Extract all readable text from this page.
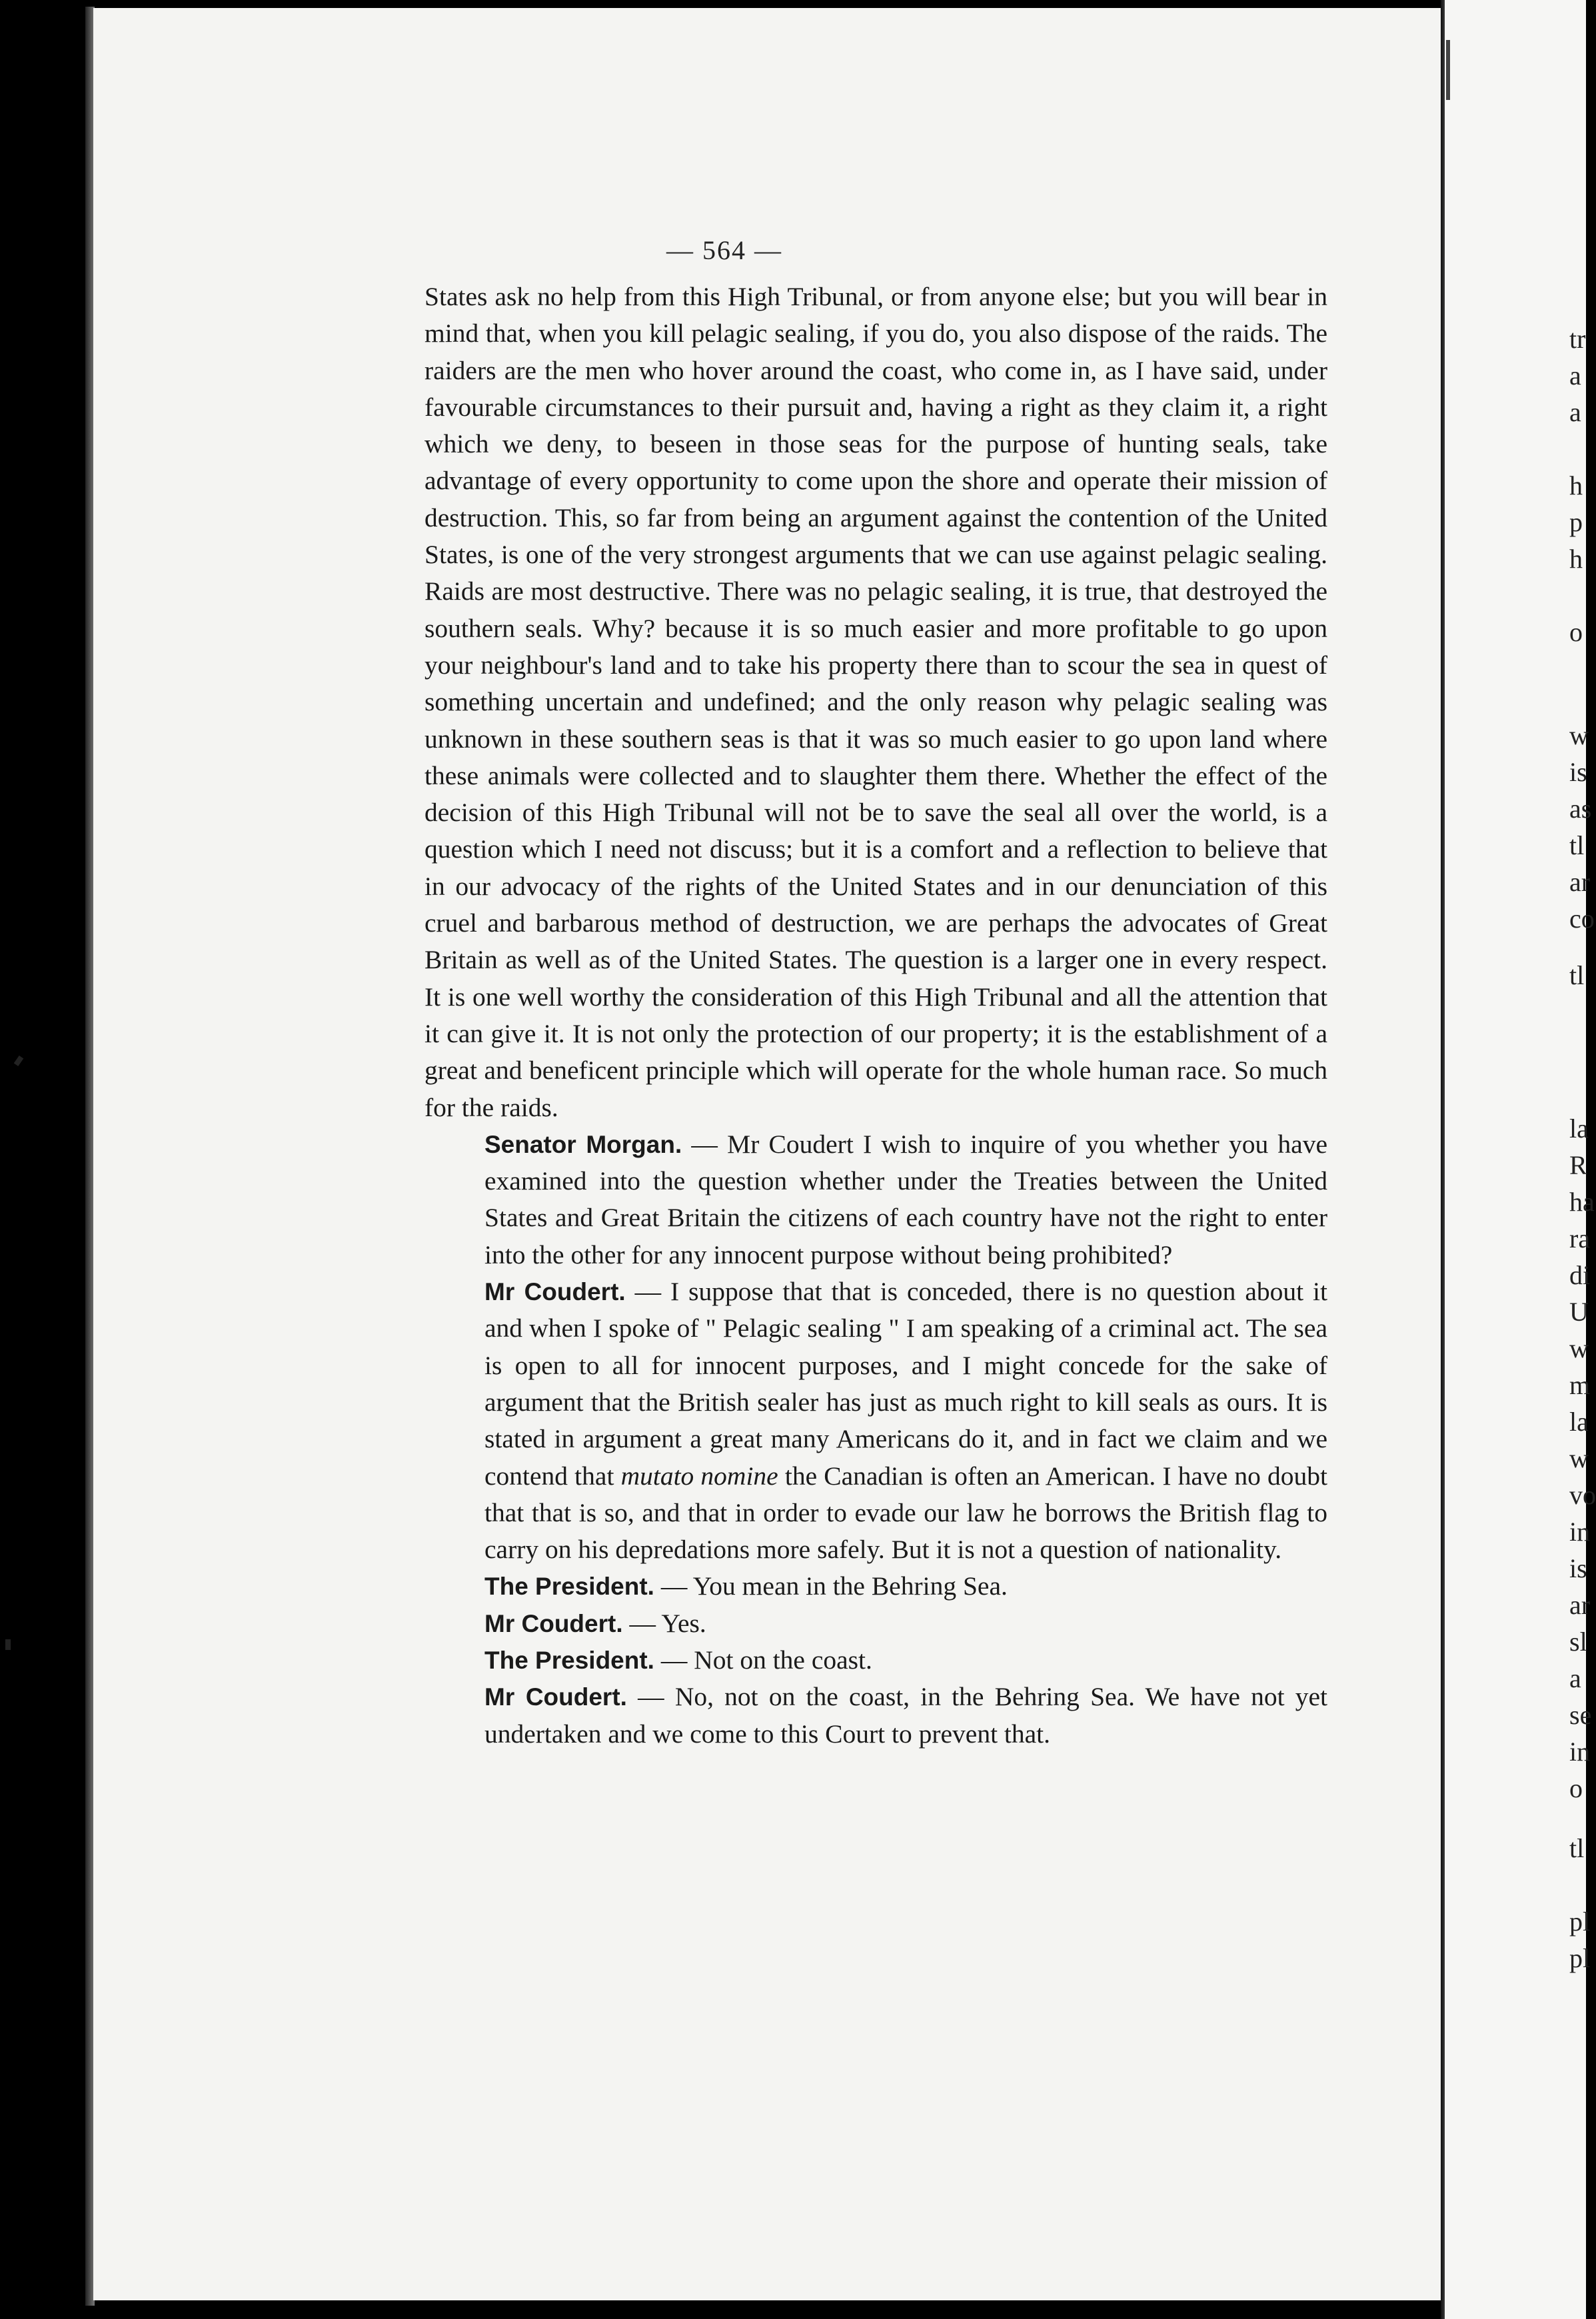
— 564 —

States ask no help from this High Tribunal, or from anyone else; but you will bear in mind that, when you kill pelagic sealing, if you do, you also dispose of the raids. The raiders are the men who hover around the coast, who come in, as I have said, under favourable circumstances to their pursuit and, having a right as they claim it, a right which we deny, to beseen in those seas for the purpose of hunting seals, take advantage of every opportunity to come upon the shore and operate their mission of destruction. This, so far from being an argument against the contention of the United States, is one of the very strongest arguments that we can use against pelagic sealing. Raids are most destructive. There was no pelagic sealing, it is true, that destroyed the southern seals. Why? because it is so much easier and more profitable to go upon your neighbour's land and to take his property there than to scour the sea in quest of something uncertain and undefined; and the only reason why pelagic sealing was unknown in these southern seas is that it was so much easier to go upon land where these animals were collected and to slaughter them there. Whether the effect of the decision of this High Tribunal will not be to save the seal all over the world, is a question which I need not discuss; but it is a comfort and a reflection to believe that in our advocacy of the rights of the United States and in our denunciation of this cruel and barbarous method of destruction, we are perhaps the advocates of Great Britain as well as of the United States. The question is a larger one in every respect. It is one well worthy the consideration of this High Tribunal and all the attention that it can give it. It is not only the protection of our property; it is the establishment of a great and beneficent principle which will operate for the whole human race. So much for the raids.

Senator Morgan. — Mr Coudert I wish to inquire of you whether you have examined into the question whether under the Treaties between the United States and Great Britain the citizens of each country have not the right to enter into the other for any innocent purpose without being prohibited?

Mr Coudert. — I suppose that that is conceded, there is no question about it and when I spoke of " Pelagic sealing " I am speaking of a criminal act. The sea is open to all for innocent purposes, and I might concede for the sake of argument that the British sealer has just as much right to kill seals as ours. It is stated in argument a great many Americans do it, and in fact we claim and we contend that mutato nomine the Canadian is often an American. I have no doubt that that is so, and that in order to evade our law he borrows the British flag to carry on his depredations more safely. But it is not a question of nationality.

The President. — You mean in the Behring Sea.

Mr Coudert. — Yes.

The President. — Not on the coast.

Mr Coudert. — No, not on the coast, in the Behring Sea. We have not yet undertaken and we come to this Court to prevent that.

tr
a
a
h
p
h
o
w
is
as
tl
ar
co
tl
la
R
ha
ra
di
U
w
m
la
w
vo
in
is
ar
sl
a
se
in
o
tl
pl
pl
